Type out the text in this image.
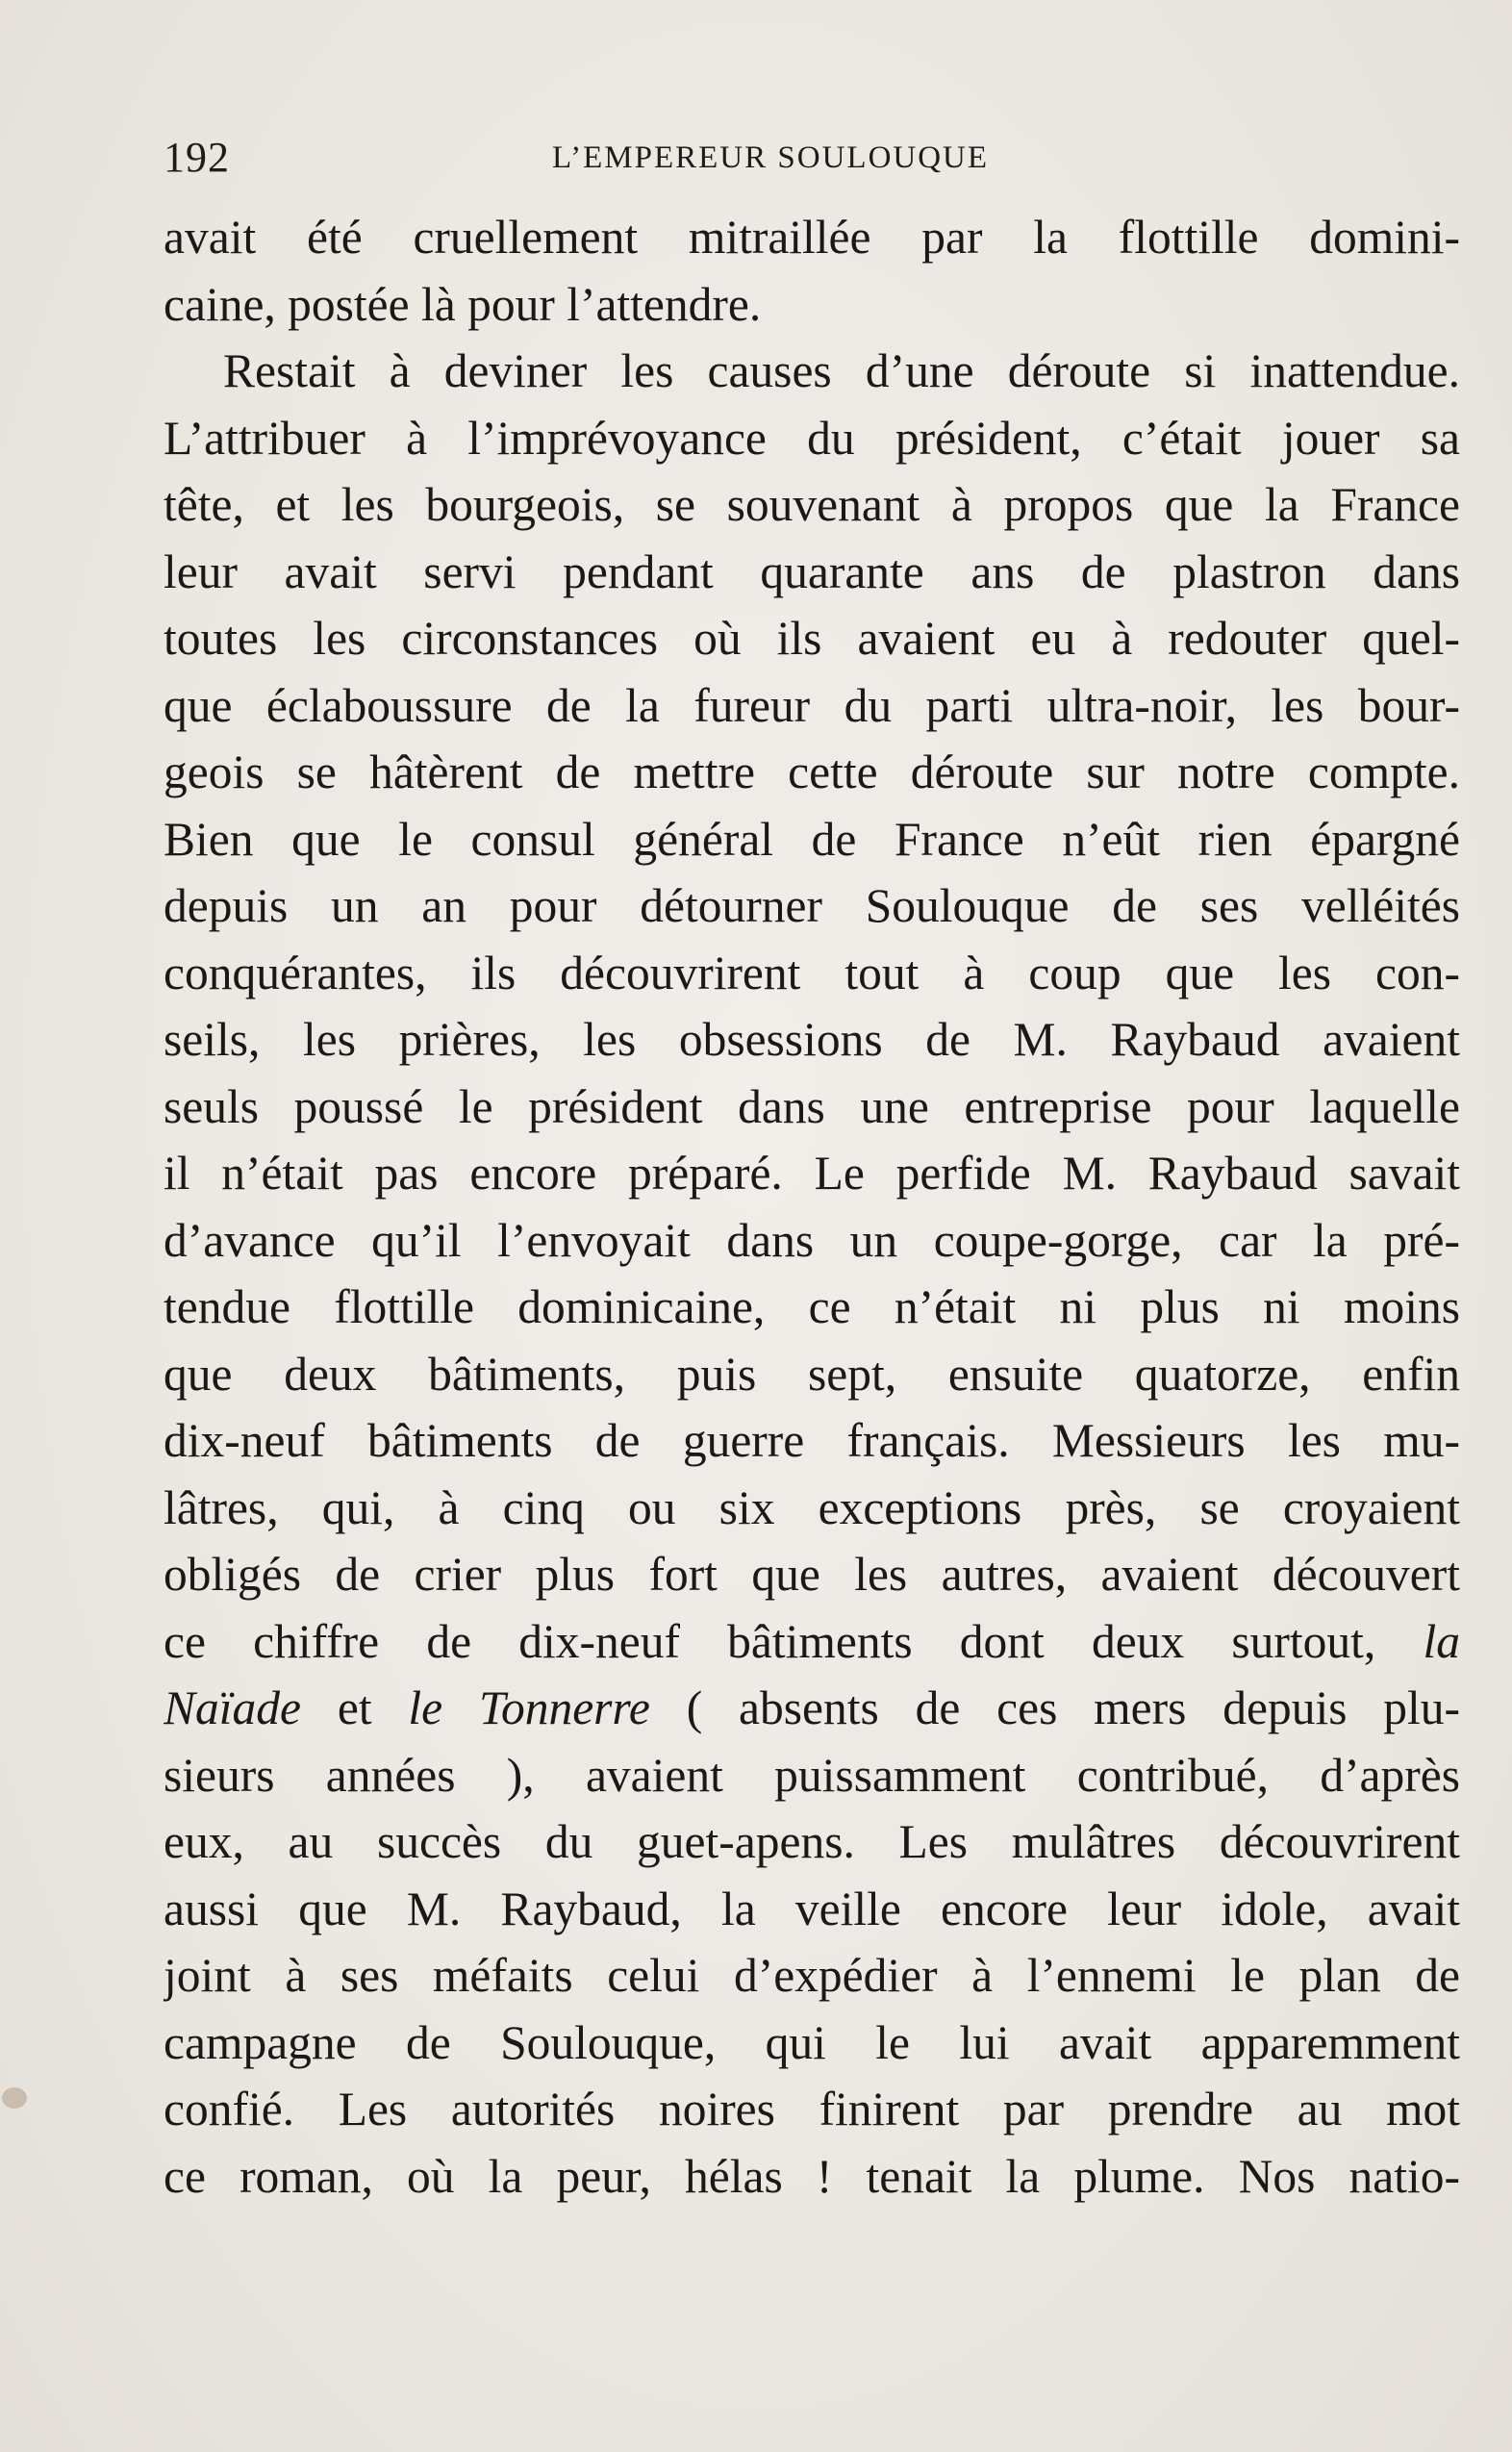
192	L’EMPEREUR SOULOUQUE
avait été cruellement mitraillée par la flottille domini-
caine, postée là pour l’attendre.
Restait à deviner les causes d’une déroute si inattendue.
L’attribuer à l’imprévoyance du président, c’était jouer sa
tête, et les bourgeois, se souvenant à propos que la France
leur avait servi pendant quarante ans de plastron dans
toutes les circonstances où ils avaient eu à redouter quel-
que éclaboussure de la fureur du parti ultra-noir, les bour-
geois se hâtèrent de mettre cette déroute sur notre compte.
Bien que le consul général de France n’eût rien épargné
depuis un an pour détourner Soulouque de ses velléités
conquérantes, ils découvrirent tout à coup que les con-
seils, les prières, les obsessions de M. Raybaud avaient
seuls poussé le président dans une entreprise pour laquelle
il n’était pas encore préparé. Le perfide M. Raybaud savait
d’avance qu’il l’envoyait dans un coupe-gorge, car la pré-
tendue flottille dominicaine, ce n’était ni plus ni moins
que deux bâtiments, puis sept, ensuite quatorze, enfin
dix-neuf bâtiments de guerre français. Messieurs les mu-
lâtres, qui, à cinq ou six exceptions près, se croyaient
obligés de crier plus fort que les autres, avaient découvert
ce chiffre de dix-neuf bâtiments dont deux surtout, la
Naïade et le Tonnerre ( absents de ces mers depuis plu-
sieurs années ), avaient puissamment contribué, d’après
eux, au succès du guet-apens. Les mulâtres découvrirent
aussi que M. Raybaud, la veille encore leur idole, avait
joint à ses méfaits celui d’expédier à l’ennemi le plan de
campagne de Soulouque, qui le lui avait apparemment
confié. Les autorités noires finirent par prendre au mot
ce roman, où la peur, hélas ! tenait la plume. Nos natio-
